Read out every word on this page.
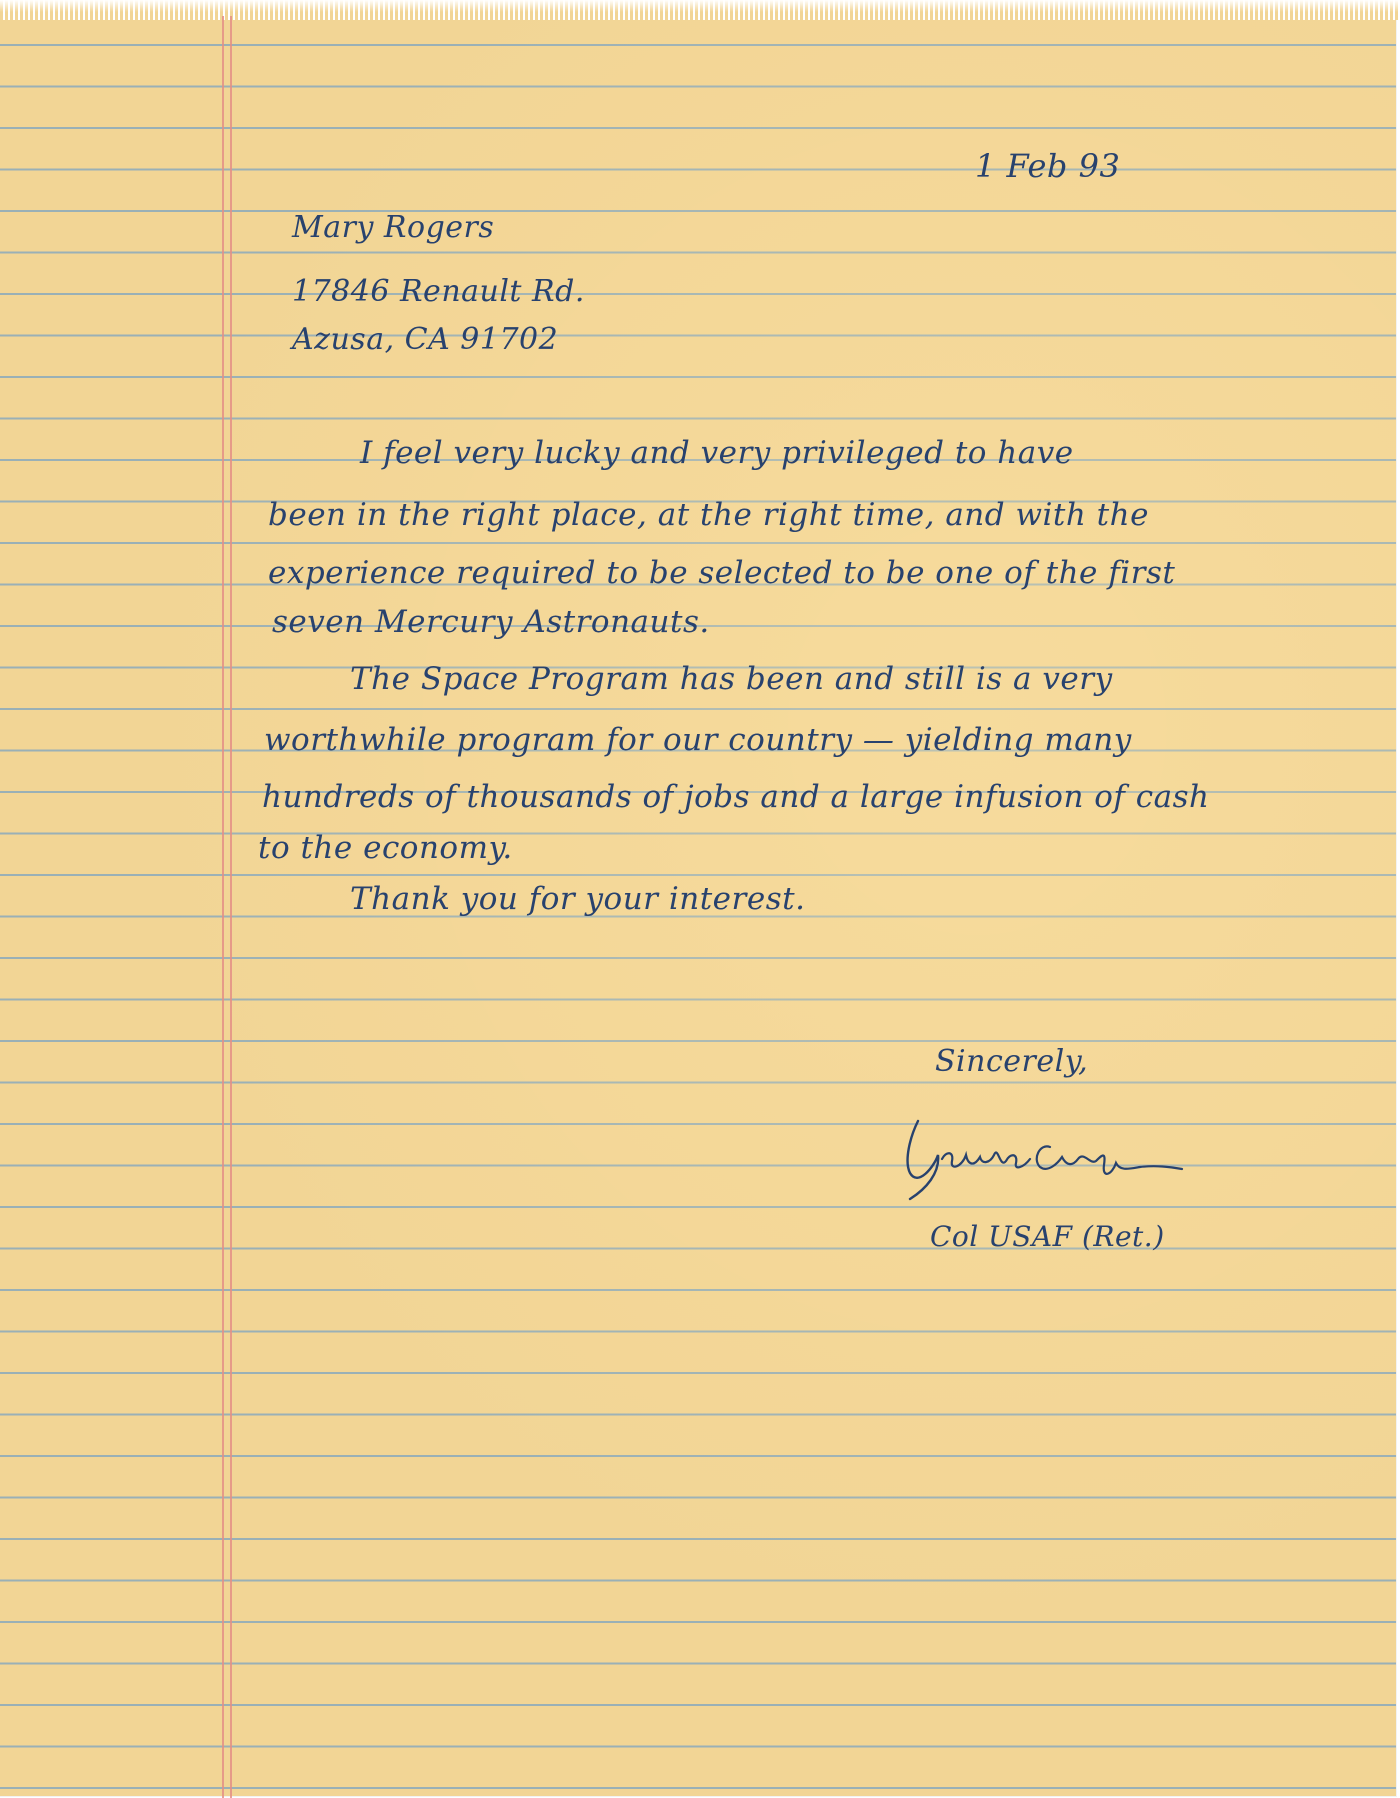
1 Feb 93
Mary Rogers
17846 Renault Rd.
Azusa, CA 91702
I feel very lucky and very privileged to have
been in the right place, at the right time, and with the
experience required to be selected to be one of the first
seven Mercury Astronauts.
The Space Program has been and still is a very
worthwhile program for our country — yielding many
hundreds of thousands of jobs and a large infusion of cash
to the economy.
Thank you for your interest.
Sincerely,
Col USAF (Ret.)
